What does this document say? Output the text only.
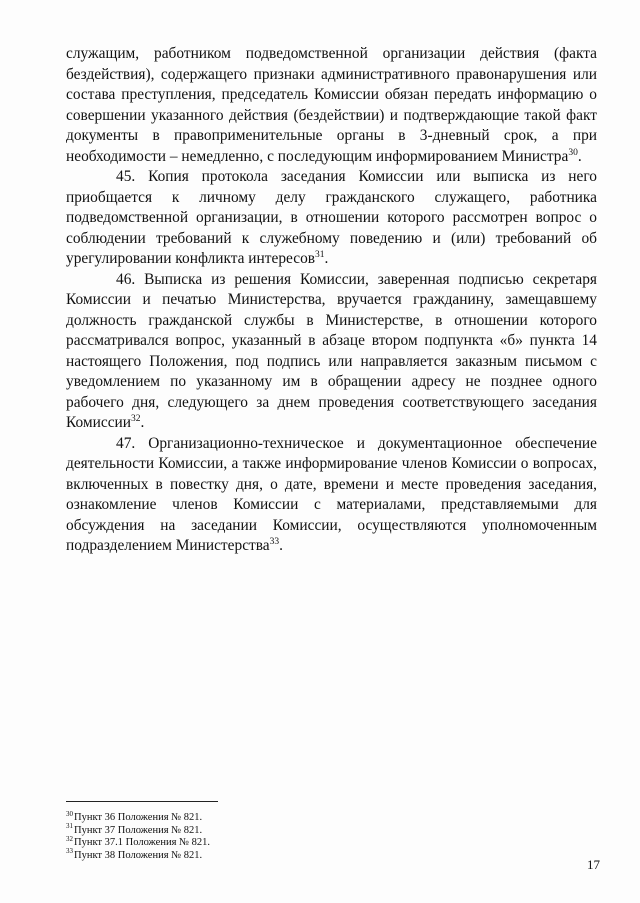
служащим, работником подведомственной организации действия (факта бездействия), содержащего признаки административного правонарушения или состава преступления, председатель Комиссии обязан передать информацию о совершении указанного действия (бездействии) и подтверждающие такой факт документы в правоприменительные органы в 3-дневный срок, а при необходимости – немедленно, с последующим информированием Министра$^{30}$.

45. Копия протокола заседания Комиссии или выписка из него приобщается к личному делу гражданского служащего, работника подведомственной организации, в отношении которого рассмотрен вопрос о соблюдении требований к служебному поведению и (или) требований об урегулировании конфликта интересов$^{31}$.

46. Выписка из решения Комиссии, заверенная подписью секретаря Комиссии и печатью Министерства, вручается гражданину, замещавшему должность гражданской службы в Министерстве, в отношении которого рассматривался вопрос, указанный в абзаце втором подпункта «б» пункта 14 настоящего Положения, под подпись или направляется заказным письмом с уведомлением по указанному им в обращении адресу не позднее одного рабочего дня, следующего за днем проведения соответствующего заседания Комиссии$^{32}$.

47. Организационно-техническое и документационное обеспечение деятельности Комиссии, а также информирование членов Комиссии о вопросах, включенных в повестку дня, о дате, времени и месте проведения заседания, ознакомление членов Комиссии с материалами, представляемыми для обсуждения на заседании Комиссии, осуществляются уполномоченным подразделением Министерства$^{33}$.

$^{30}$Пункт 36 Положения № 821.

$^{31}$Пункт 37 Положения № 821.

$^{32}$Пункт 37.1 Положения № 821.

$^{33}$Пункт 38 Положения № 821.

17
